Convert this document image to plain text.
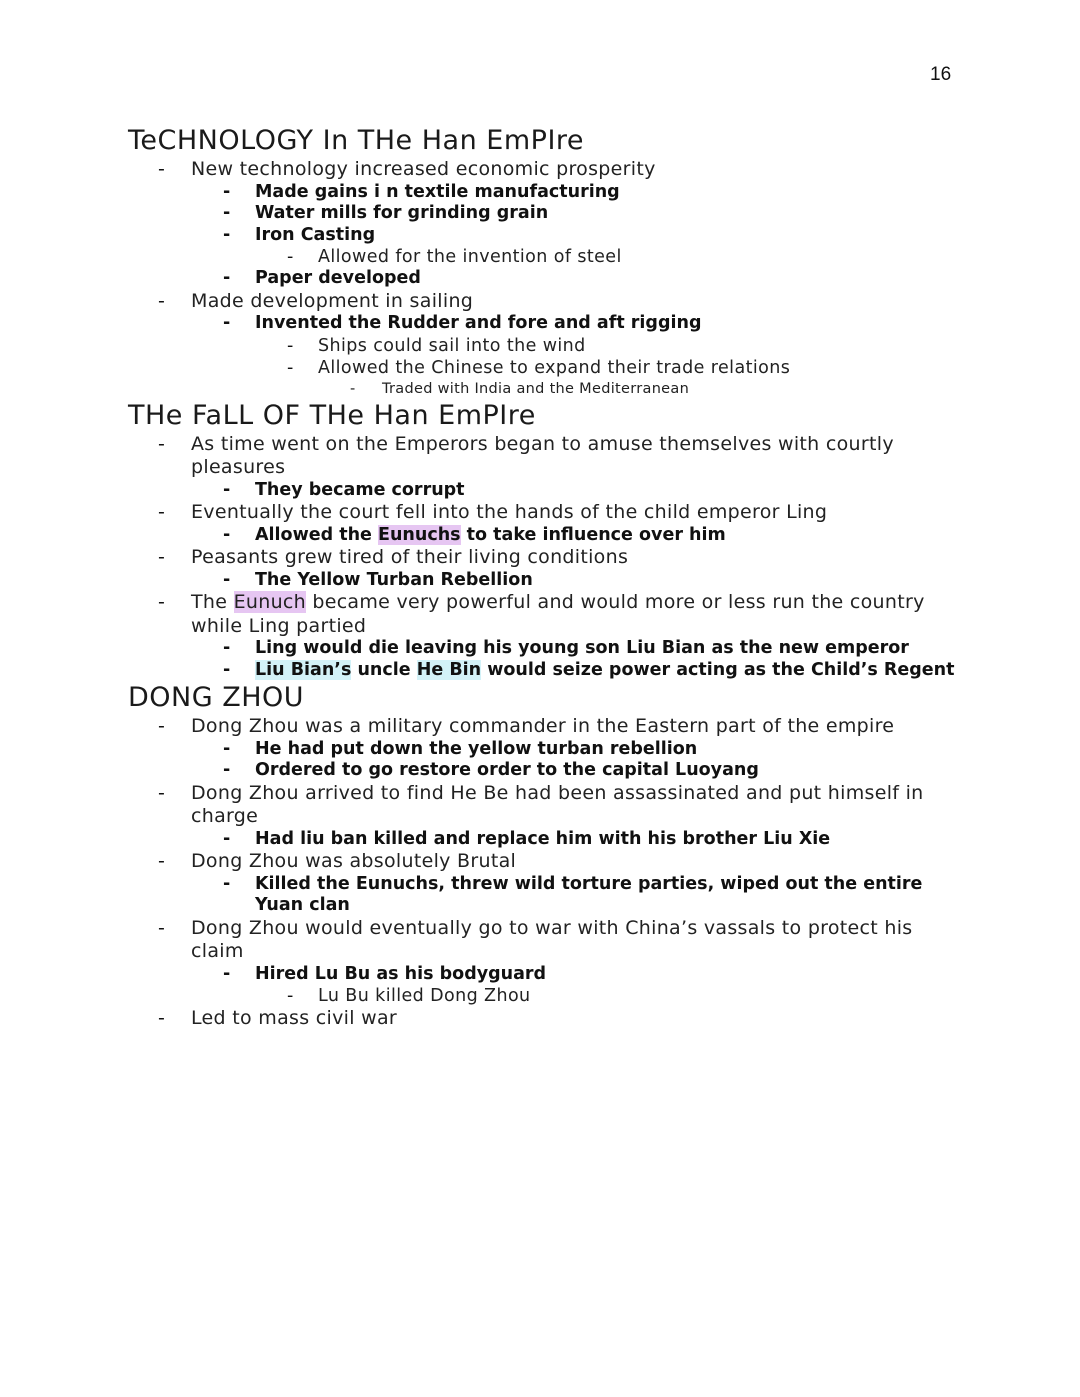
16
TeCHNOLOGY In THe Han EmPIre
- New technology increased economic prosperity
- Made gains i n textile manufacturing
- Water mills for grinding grain
- Iron Casting
- Allowed for the invention of steel
- Paper developed
- Made development in sailing
- Invented the Rudder and fore and aft rigging
- Ships could sail into the wind
- Allowed the Chinese to expand their trade relations
- Traded with India and the Mediterranean
THe FaLL OF THe Han EmPIre
- As time went on the Emperors began to amuse themselves with courtly pleasures
- They became corrupt
- Eventually the court fell into the hands of the child emperor Ling
- Allowed the Eunuchs to take influence over him
- Peasants grew tired of their living conditions
- The Yellow Turban Rebellion
- The Eunuch became very powerful and would more or less run the country while Ling partied
- Ling would die leaving his young son Liu Bian as the new emperor
- Liu Bian’s uncle He Bin would seize power acting as the Child’s Regent
DONG ZHOU
- Dong Zhou was a military commander in the Eastern part of the empire
- He had put down the yellow turban rebellion
- Ordered to go restore order to the capital Luoyang
- Dong Zhou arrived to find He Be had been assassinated and put himself in charge
- Had liu ban killed and replace him with his brother Liu Xie
- Dong Zhou was absolutely Brutal
- Killed the Eunuchs, threw wild torture parties, wiped out the entire Yuan clan
- Dong Zhou would eventually go to war with China’s vassals to protect his claim
- Hired Lu Bu as his bodyguard
- Lu Bu killed Dong Zhou
- Led to mass civil war
